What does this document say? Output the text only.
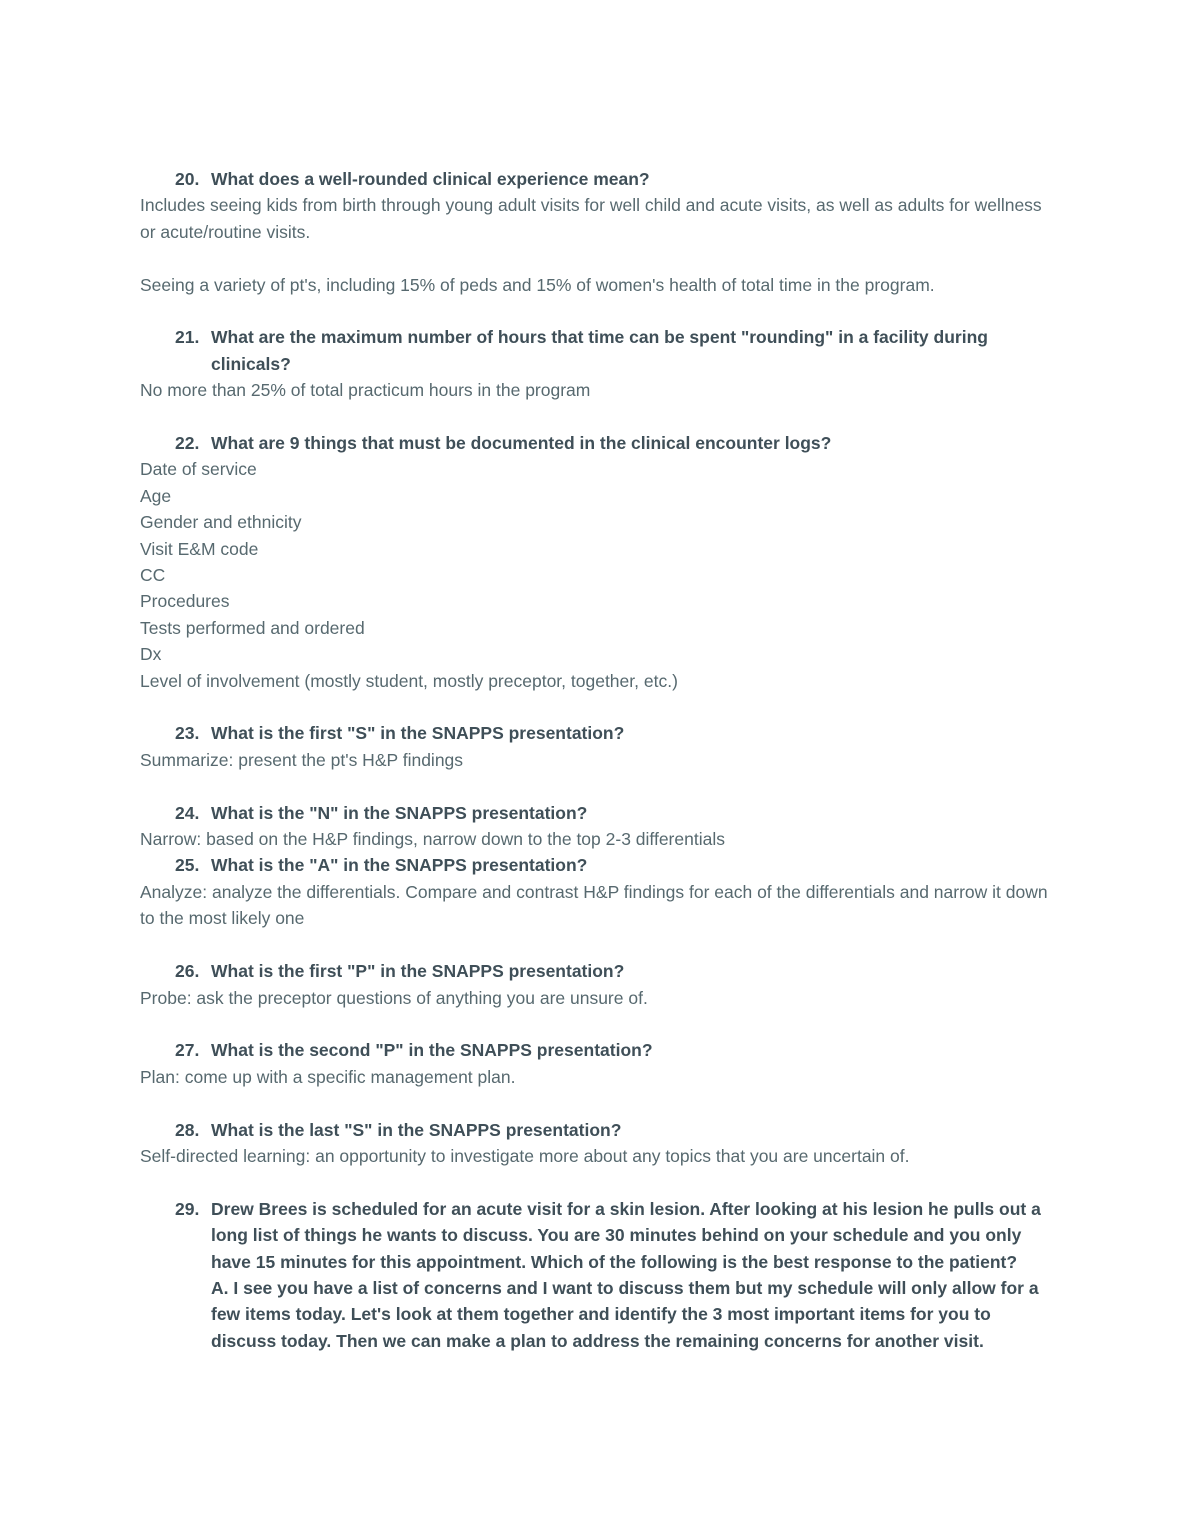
20. What does a well-rounded clinical experience mean?
Includes seeing kids from birth through young adult visits for well child and acute visits, as well as adults for wellness or acute/routine visits.
Seeing a variety of pt's, including 15% of peds and 15% of women's health of total time in the program.
21. What are the maximum number of hours that time can be spent "rounding" in a facility during clinicals?
No more than 25% of total practicum hours in the program
22. What are 9 things that must be documented in the clinical encounter logs?
Date of service
Age
Gender and ethnicity
Visit E&M code
CC
Procedures
Tests performed and ordered
Dx
Level of involvement (mostly student, mostly preceptor, together, etc.)
23. What is the first "S" in the SNAPPS presentation?
Summarize: present the pt's H&P findings
24. What is the "N" in the SNAPPS presentation?
Narrow: based on the H&P findings, narrow down to the top 2-3 differentials
25. What is the "A" in the SNAPPS presentation?
Analyze: analyze the differentials. Compare and contrast H&P findings for each of the differentials and narrow it down to the most likely one
26. What is the first "P" in the SNAPPS presentation?
Probe: ask the preceptor questions of anything you are unsure of.
27. What is the second "P" in the SNAPPS presentation?
Plan: come up with a specific management plan.
28. What is the last "S" in the SNAPPS presentation?
Self-directed learning: an opportunity to investigate more about any topics that you are uncertain of.
29. Drew Brees is scheduled for an acute visit for a skin lesion. After looking at his lesion he pulls out a long list of things he wants to discuss. You are 30 minutes behind on your schedule and you only have 15 minutes for this appointment. Which of the following is the best response to the patient?
A. I see you have a list of concerns and I want to discuss them but my schedule will only allow for a few items today. Let's look at them together and identify the 3 most important items for you to discuss today. Then we can make a plan to address the remaining concerns for another visit.
